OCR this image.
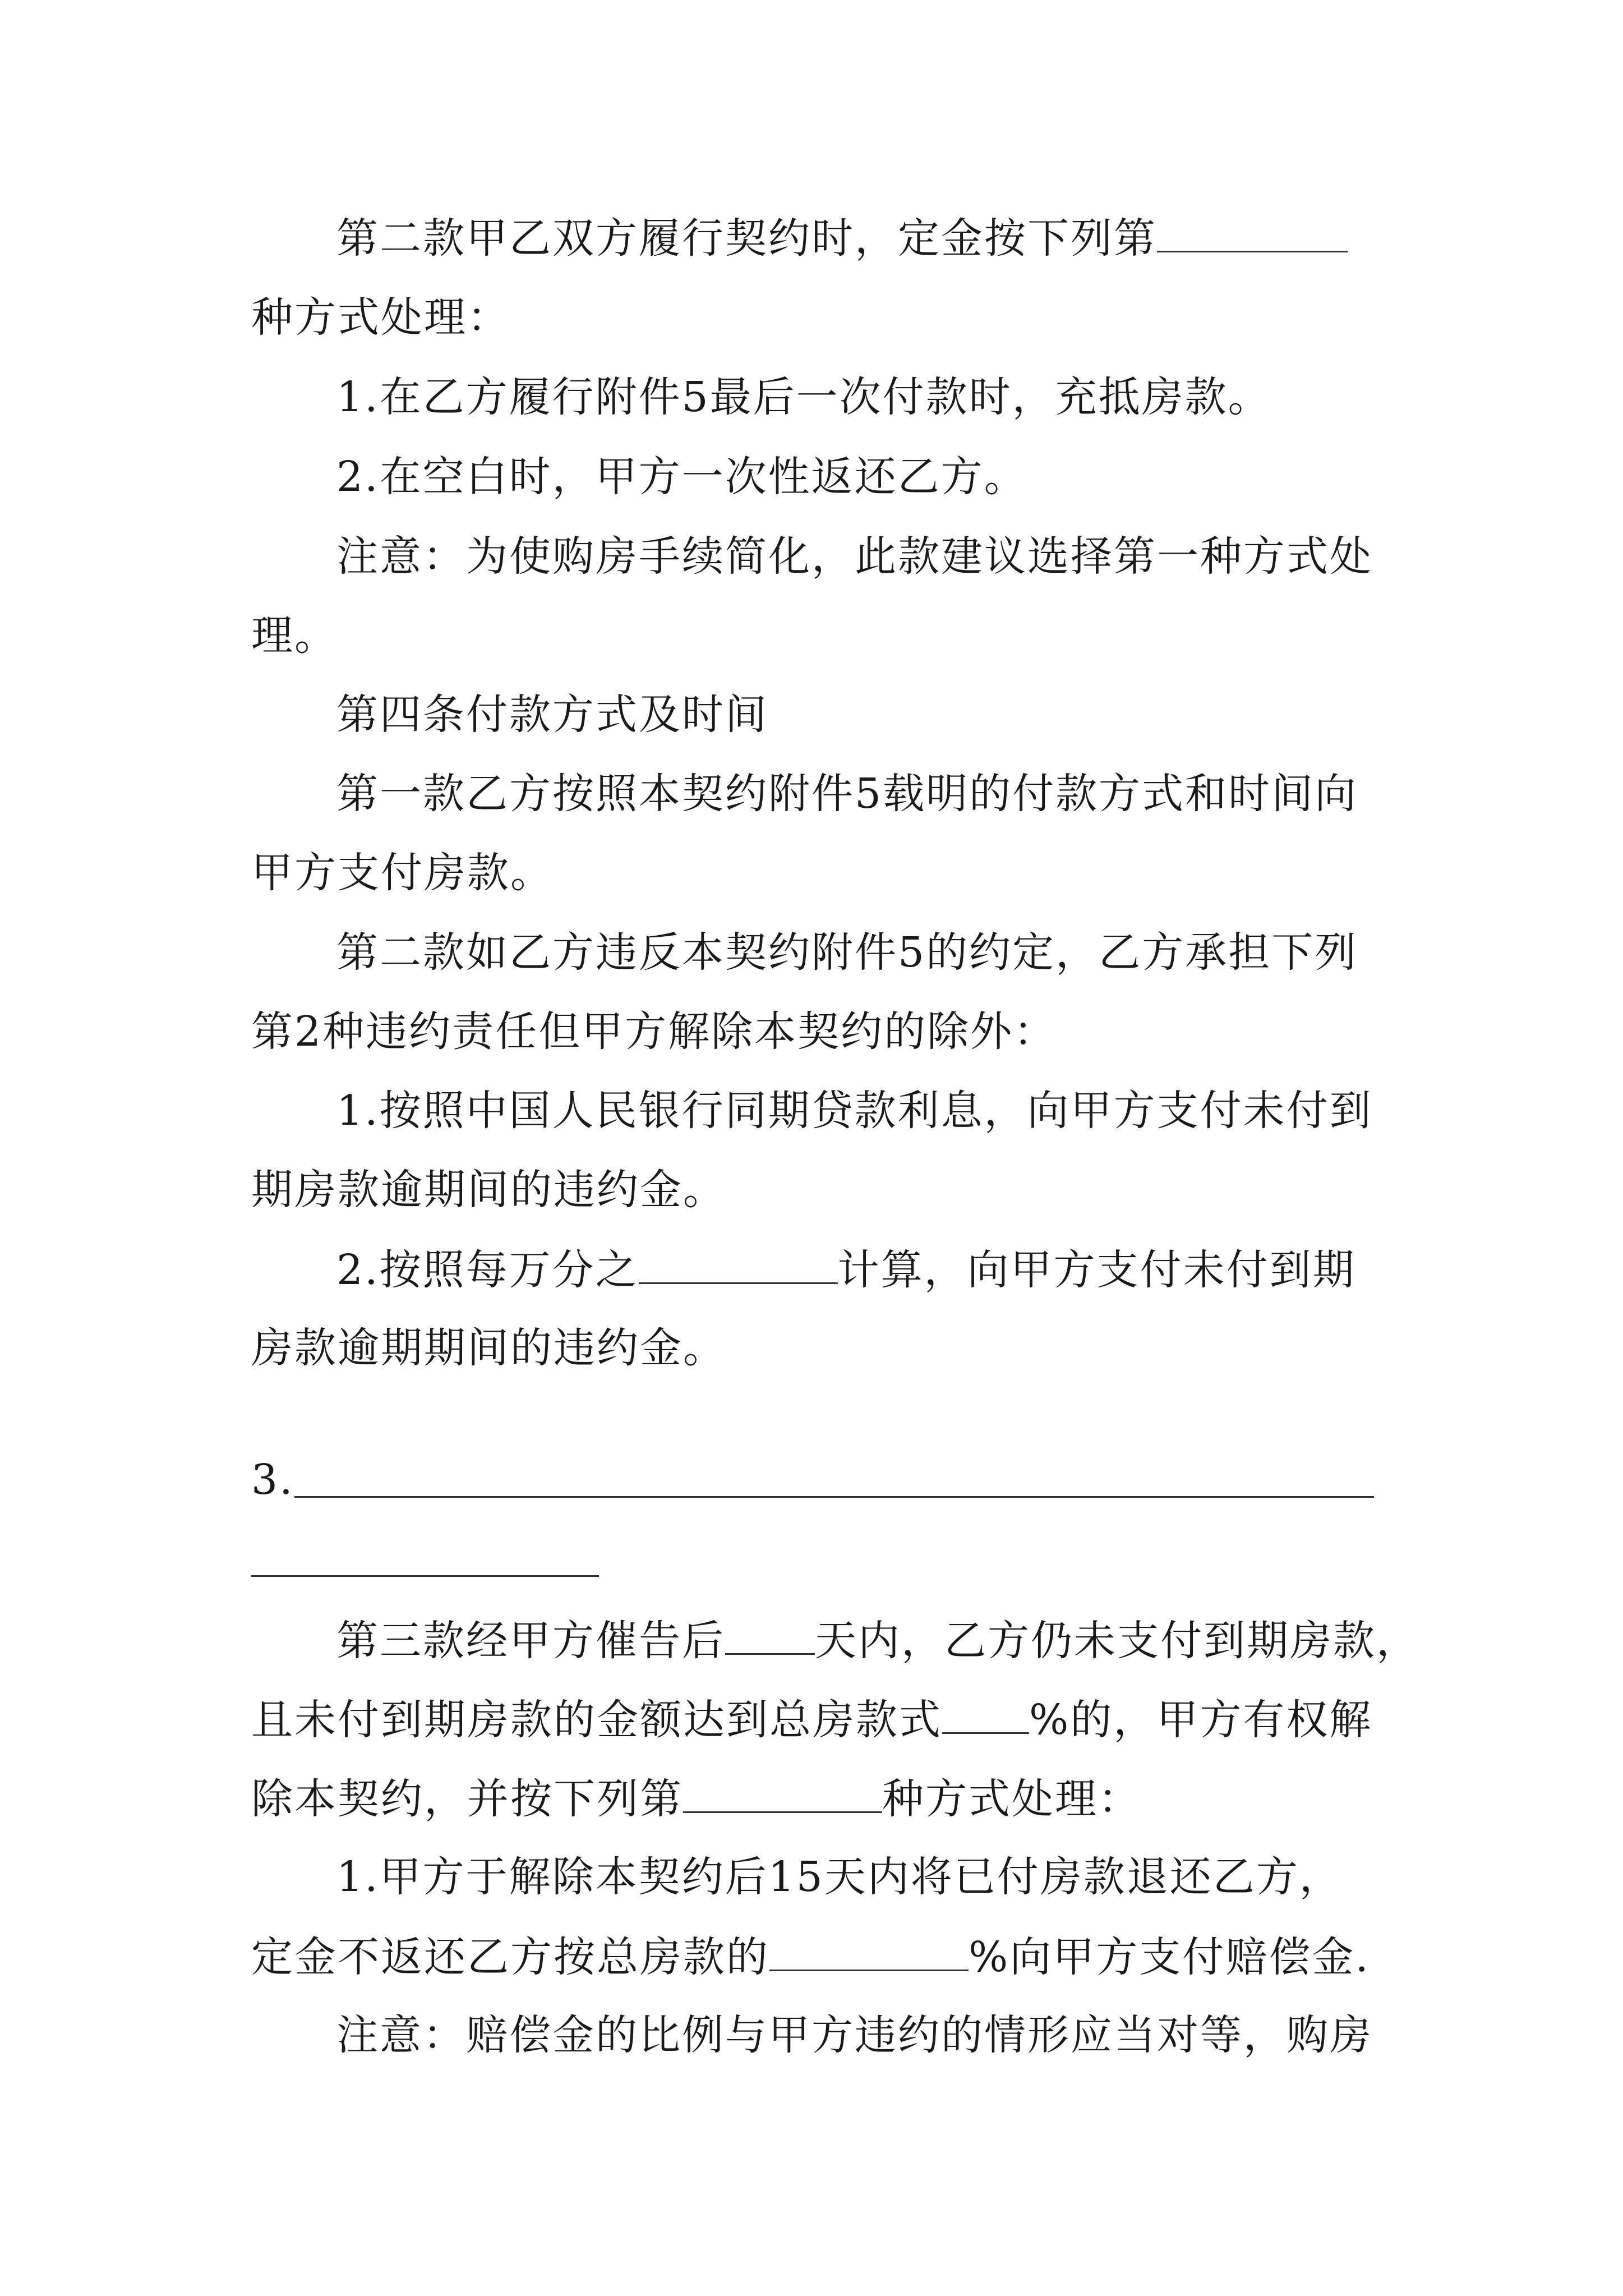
第二款甲乙双方履行契约时，定金按下列第
种方式处理：
1.在乙方履行附件5最后一次付款时，充抵房款。
2.在空白时，甲方一次性返还乙方。
注意：为使购房手续简化，此款建议选择第一种方式处
理。
第四条付款方式及时间
第一款乙方按照本契约附件5载明的付款方式和时间向
甲方支付房款。
第二款如乙方违反本契约附件5的约定，乙方承担下列
第2种违约责任但甲方解除本契约的除外：
1.按照中国人民银行同期贷款利息，向甲方支付未付到
期房款逾期间的违约金。
2.按照每万分之	计算，向甲方支付未付到期
房款逾期期间的违约金。
3.
第三款经甲方催告后 天内，乙方仍未支付到期房款，
且未付到期房款的金额达到总房款式 %的，甲方有权解
除本契约，并按下列第	种方式处理：
1.甲方于解除本契约后15天内将已付房款退还乙方，
定金不返还乙方按总房款的	%向甲方支付赔偿金.
注意：赔偿金的比例与甲方违约的情形应当对等，购房
